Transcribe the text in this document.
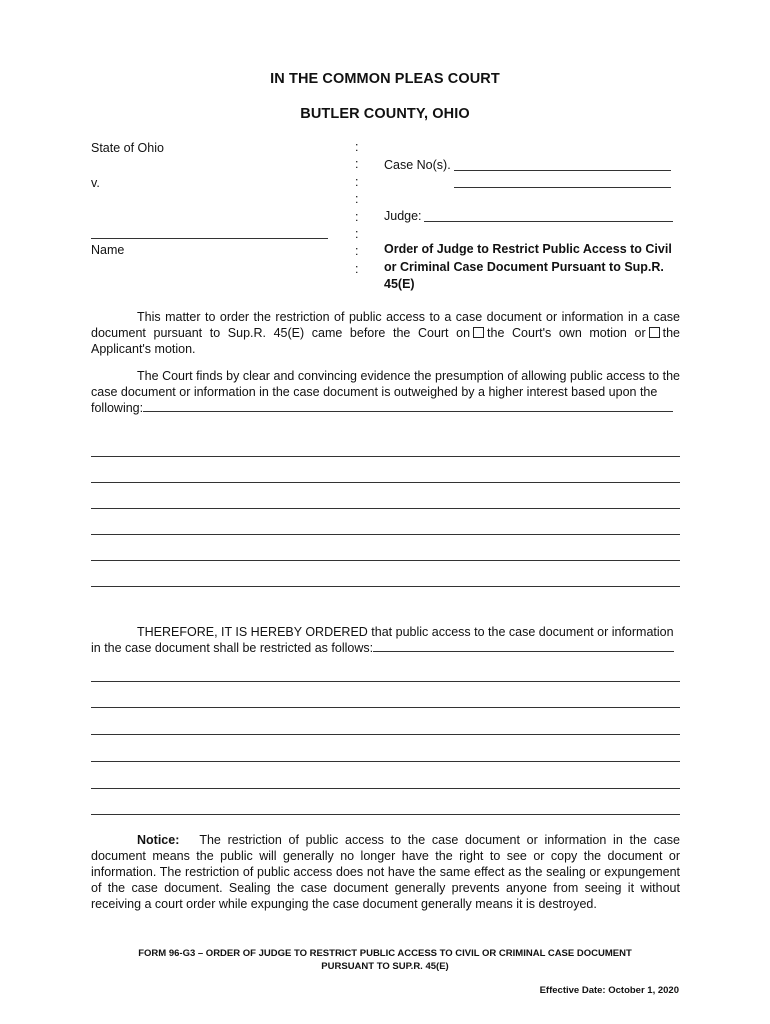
IN THE COMMON PLEAS COURT
BUTLER COUNTY, OHIO
State of Ohio
v.
Name
:
:
:
:
:
:
:
:
Case No(s).
Judge:
Order of Judge to Restrict Public Access to Civil or Criminal Case Document Pursuant to Sup.R. 45(E)
This matter to order the restriction of public access to a case document or information in a case document pursuant to Sup.R. 45(E) came before the Court on the Court's own motion or the Applicant's motion.
The Court finds by clear and convincing evidence the presumption of allowing public access to the case document or information in the case document is outweighed by a higher interest based upon the
following:
THEREFORE, IT IS HEREBY ORDERED that public access to the case document or information
in the case document shall be restricted as follows:
Notice: The restriction of public access to the case document or information in the case document means the public will generally no longer have the right to see or copy the document or information. The restriction of public access does not have the same effect as the sealing or expungement of the case document. Sealing the case document generally prevents anyone from seeing it without receiving a court order while expunging the case document generally means it is destroyed.
FORM 96-G3 – ORDER OF JUDGE TO RESTRICT PUBLIC ACCESS TO CIVIL OR CRIMINAL CASE DOCUMENT
PURSUANT TO SUP.R. 45(E)
Effective Date: October 1, 2020
